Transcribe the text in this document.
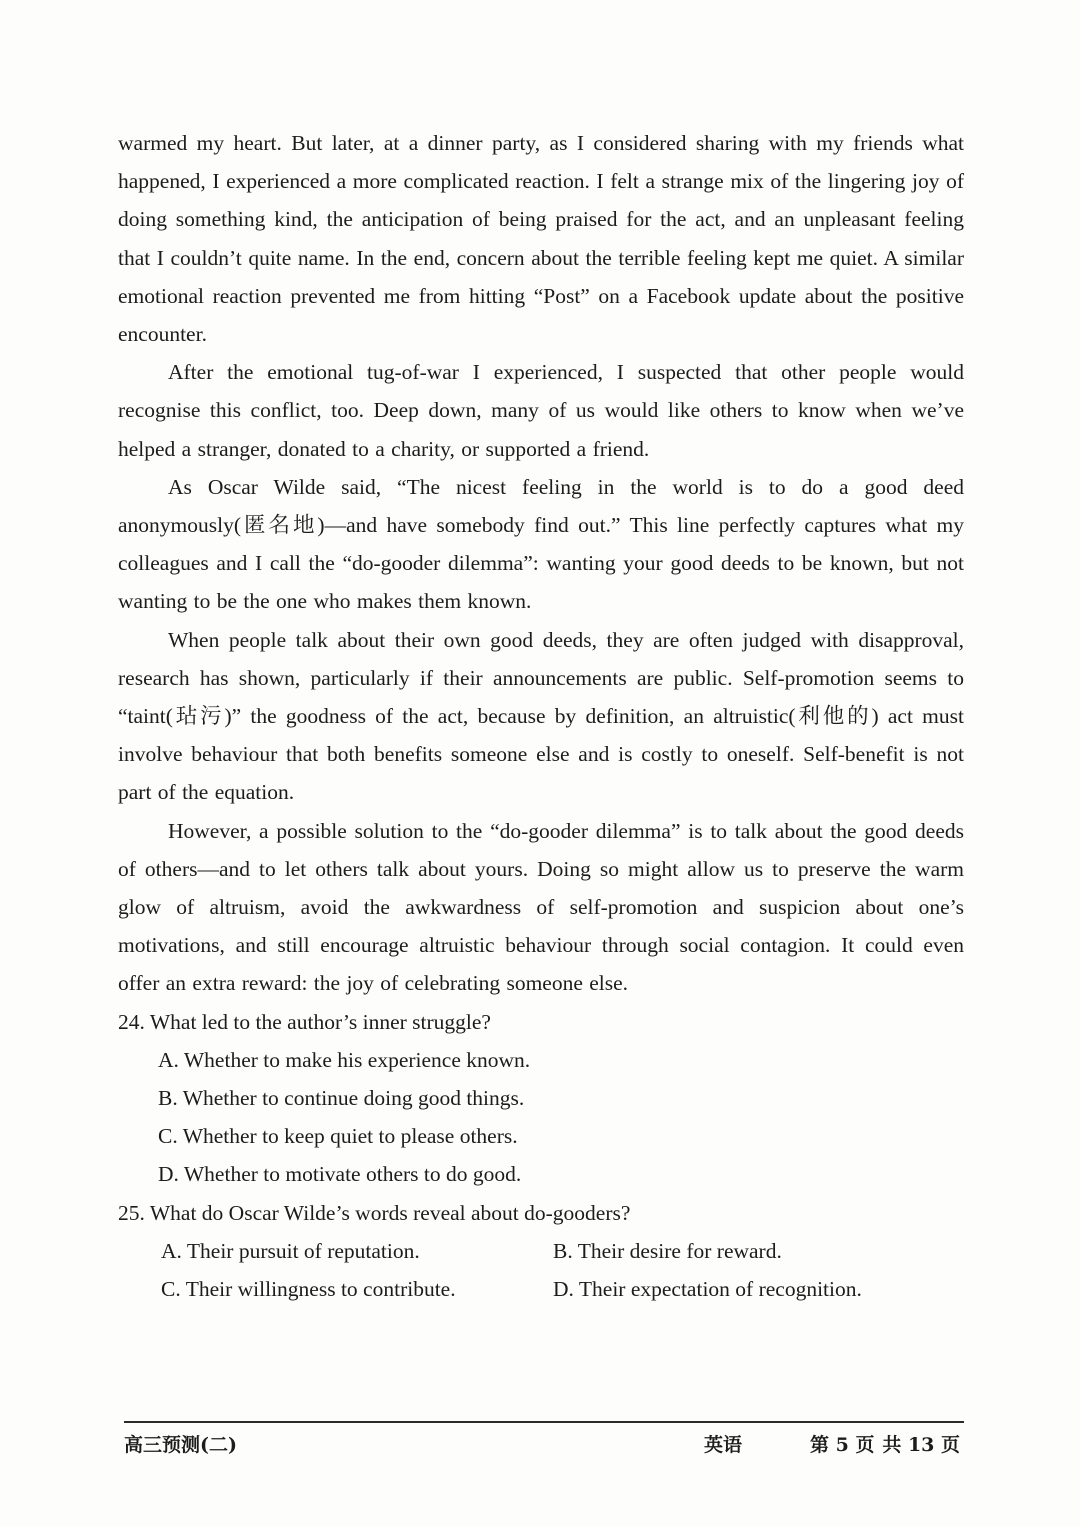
warmed my heart. But later, at a dinner party, as I considered sharing with my friends what happened, I experienced a more complicated reaction. I felt a strange mix of the lingering joy of doing something kind, the anticipation of being praised for the act, and an unpleasant feeling that I couldn’t quite name. In the end, concern about the terrible feeling kept me quiet. A similar emotional reaction prevented me from hitting “Post” on a Facebook update about the positive encounter.

After the emotional tug-of-war I experienced, I suspected that other people would recognise this conflict, too. Deep down, many of us would like others to know when we’ve helped a stranger, donated to a charity, or supported a friend.

As Oscar Wilde said, “The nicest feeling in the world is to do a good deed anonymously(匿名地)—and have somebody find out.” This line perfectly captures what my colleagues and I call the “do-gooder dilemma”: wanting your good deeds to be known, but not wanting to be the one who makes them known.

When people talk about their own good deeds, they are often judged with disapproval, research has shown, particularly if their announcements are public. Self-promotion seems to “taint(玷污)” the goodness of the act, because by definition, an altruistic(利他的) act must involve behaviour that both benefits someone else and is costly to oneself. Self-benefit is not part of the equation.

However, a possible solution to the “do-gooder dilemma” is to talk about the good deeds of others—and to let others talk about yours. Doing so might allow us to preserve the warm glow of altruism, avoid the awkwardness of self-promotion and suspicion about one’s motivations, and still encourage altruistic behaviour through social contagion. It could even offer an extra reward: the joy of celebrating someone else.

24. What led to the author’s inner struggle?

A. Whether to make his experience known.
B. Whether to continue doing good things.
C. Whether to keep quiet to please others.
D. Whether to motivate others to do good.

25. What do Oscar Wilde’s words reveal about do-gooders?

A. Their pursuit of reputation.	B. Their desire for reward.
C. Their willingness to contribute.	D. Their expectation of recognition.
高三预测(二)	英语	第 5 页 共 13 页
